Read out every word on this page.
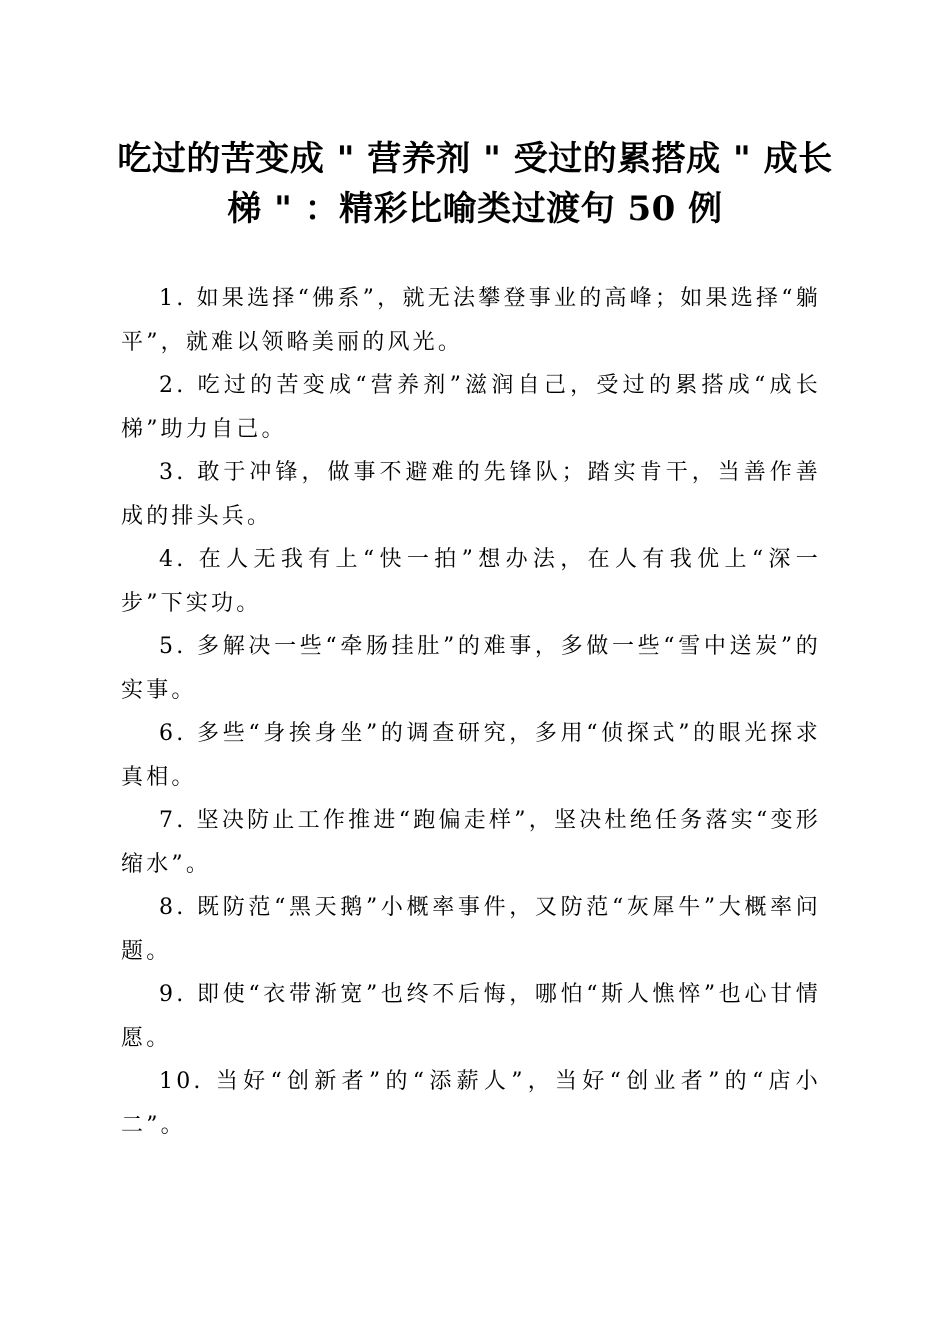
吃过的苦变成 " 营养剂 " 受过的累搭成 " 成长
梯 " ：精彩比喻类过渡句 50 例

1. 如果选择“佛系”，就无法攀登事业的高峰；如果选择“躺平”，就难以领略美丽的风光。

2. 吃过的苦变成“营养剂”滋润自己，受过的累搭成“成长梯”助力自己。

3. 敢于冲锋，做事不避难的先锋队；踏实肯干，当善作善成的排头兵。

4. 在人无我有上“快一拍”想办法，在人有我优上“深一步”下实功。

5. 多解决一些“牵肠挂肚”的难事，多做一些“雪中送炭”的实事。

6. 多些“身挨身坐”的调查研究，多用“侦探式”的眼光探求真相。

7. 坚决防止工作推进“跑偏走样”，坚决杜绝任务落实“变形缩水”。

8. 既防范“黑天鹅”小概率事件，又防范“灰犀牛”大概率问题。

9. 即使“衣带渐宽”也终不后悔，哪怕“斯人憔悴”也心甘情愿。

10. 当好“创新者”的“添薪人”，当好“创业者”的“店小二”。
